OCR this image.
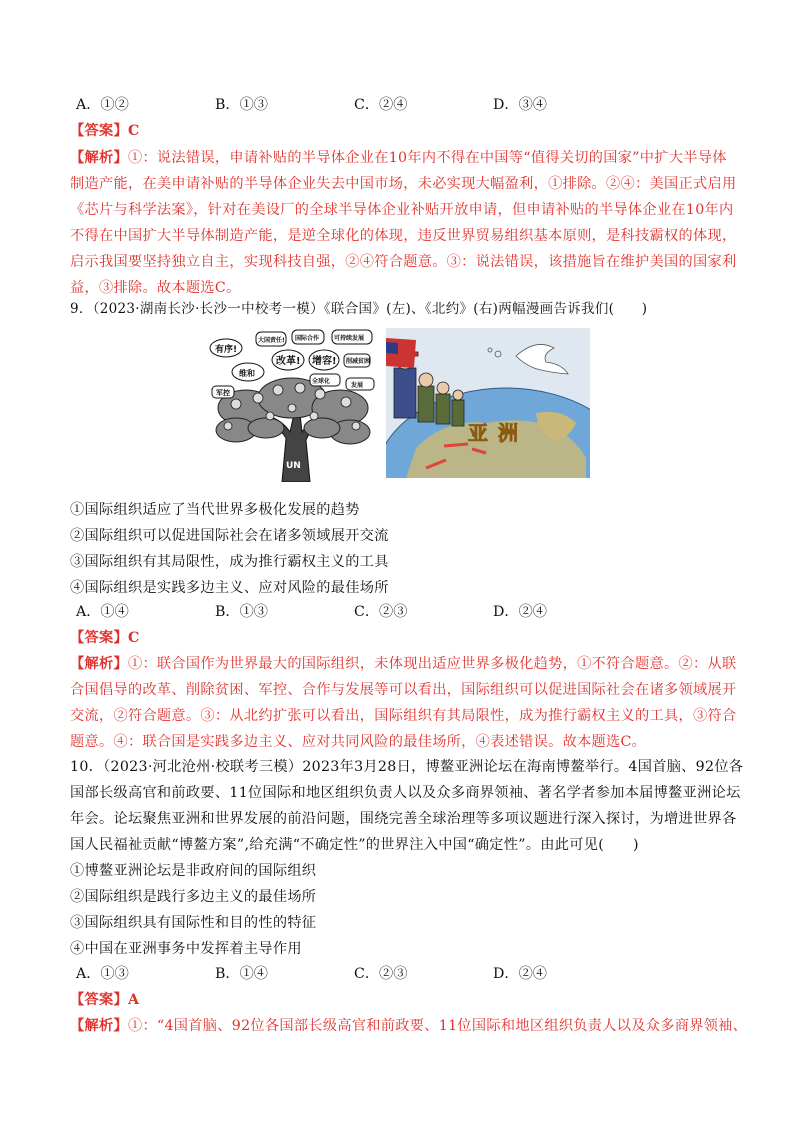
A．①②	B．①③	C．②④	D．③④
【答案】C
【解析】①：说法错误，申请补贴的半导体企业在10年内不得在中国等“值得关切的国家”中扩大半导体
制造产能，在美申请补贴的半导体企业失去中国市场，未必实现大幅盈利，①排除。②④：美国正式启用
《芯片与科学法案》，针对在美设厂的全球半导体企业补贴开放申请，但申请补贴的半导体企业在10年内
不得在中国扩大半导体制造产能，是逆全球化的体现，违反世界贸易组织基本原则，是科技霸权的体现，
启示我国要坚持独立自主，实现科技自强，②④符合题意。③：说法错误，该措施旨在维护美国的国家利
益，③排除。故本题选C。
9．（2023·湖南长沙·长沙一中校考一模）《联合国》(左)、《北约》(右)两幅漫画告诉我们(　　)
有序!
大国责任! 国际合作 可持续发展
改革! 增容!
维和
削减贫困
军控
全球化
发展
UN
亚洲
①国际组织适应了当代世界多极化发展的趋势
②国际组织可以促进国际社会在诸多领域展开交流
③国际组织有其局限性，成为推行霸权主义的工具
④国际组织是实践多边主义、应对风险的最佳场所
A．①④	B．①③	C．②③	D．②④
【答案】C
【解析】①：联合国作为世界最大的国际组织，未体现出适应世界多极化趋势，①不符合题意。②：从联
合国倡导的改革、削除贫困、军控、合作与发展等可以看出，国际组织可以促进国际社会在诸多领域展开
交流，②符合题意。③：从北约扩张可以看出，国际组织有其局限性，成为推行霸权主义的工具，③符合
题意。④：联合国是实践多边主义、应对共同风险的最佳场所，④表述错误。故本题选C。
10．（2023·河北沧州·校联考三模）2023年3月28日，博鳌亚洲论坛在海南博鳌举行。4国首脑、92位各
国部长级高官和前政要、11位国际和地区组织负责人以及众多商界领袖、著名学者参加本届博鳌亚洲论坛
年会。论坛聚焦亚洲和世界发展的前沿问题，围绕完善全球治理等多项议题进行深入探讨，为增进世界各
国人民福祉贡献“博鳌方案”,给充满“不确定性”的世界注入中国“确定性”。由此可见(　　)
①博鳌亚洲论坛是非政府间的国际组织
②国际组织是践行多边主义的最佳场所
③国际组织具有国际性和目的性的特征
④中国在亚洲事务中发挥着主导作用
A．①③	B．①④	C．②③	D．②④
【答案】A
【解析】①：“4国首脑、92位各国部长级高官和前政要、11位国际和地区组织负责人以及众多商界领袖、
